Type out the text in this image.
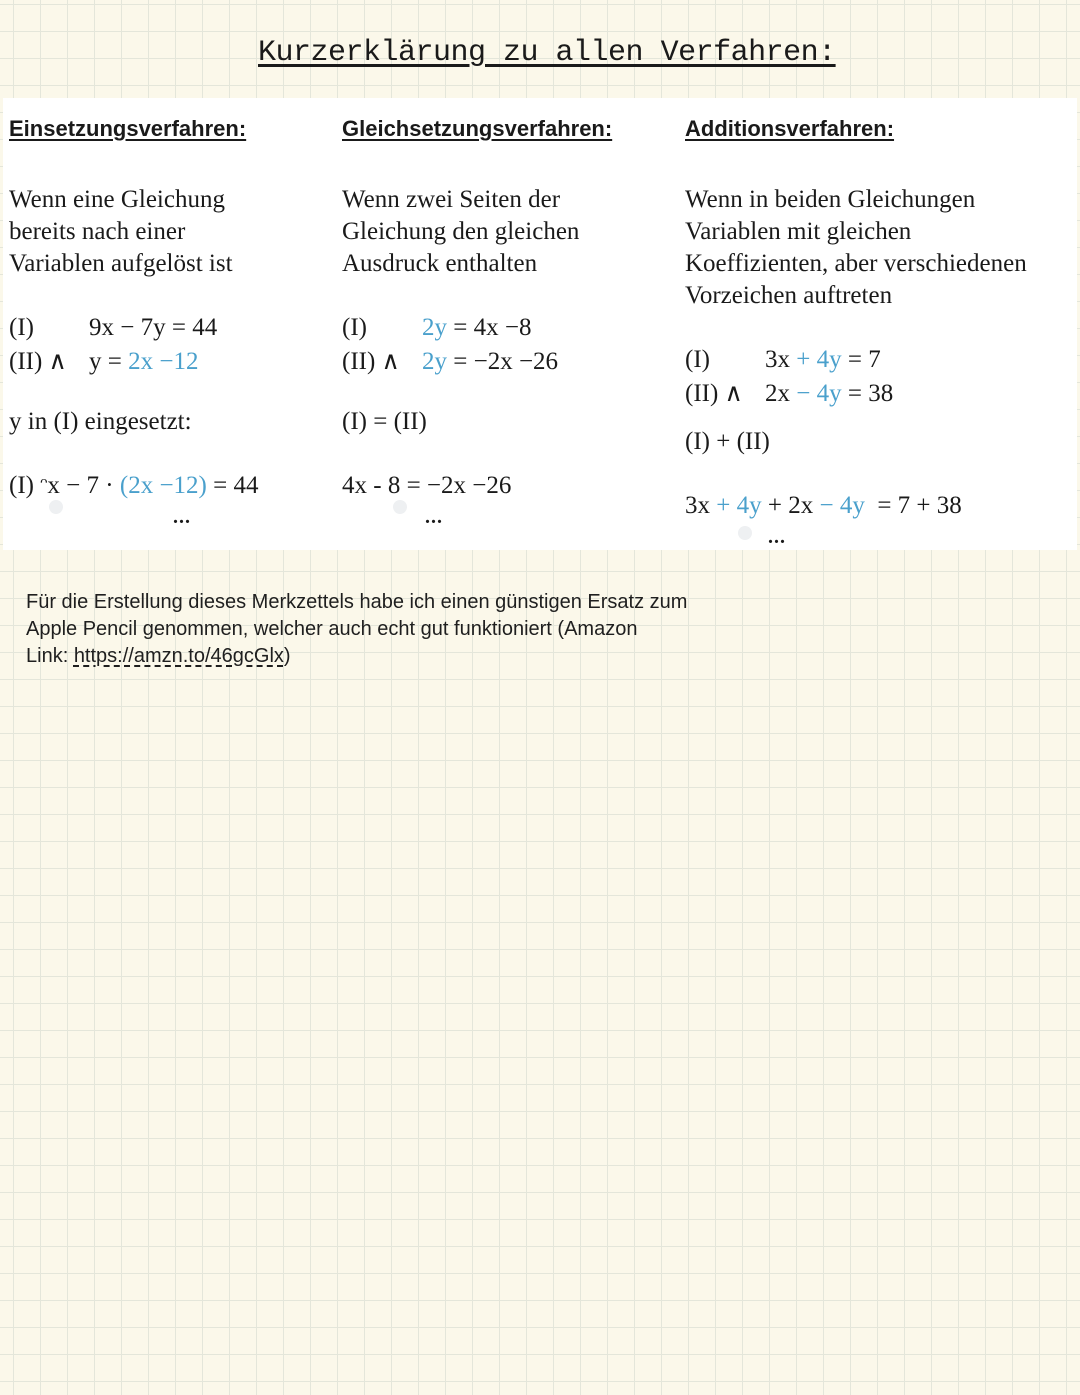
Kurzerklärung zu allen Verfahren:
Einsetzungsverfahren:
Wenn eine Gleichung
bereits nach einer
Variablen aufgelöst ist
(I) 9x − 7y = 44
(II) ∧ y = 2x −12
y in (I) eingesetzt:
(I) ᵔx − 7 · (2x −12) = 44
...
Gleichsetzungsverfahren:
Wenn zwei Seiten der
Gleichung den gleichen
Ausdruck enthalten
(I) 2y = 4x −8
(II) ∧ 2y = −2x −26
(I) = (II)
4x - 8 = −2x −26
...
Additionsverfahren:
Wenn in beiden Gleichungen
Variablen mit gleichen
Koeffizienten, aber verschiedenen
Vorzeichen auftreten
(I) 3x + 4y = 7
(II) ∧ 2x − 4y = 38
(I) + (II)
3x + 4y + 2x − 4y  = 7 + 38
...
Für die Erstellung dieses Merkzettels habe ich einen günstigen Ersatz zum
Apple Pencil genommen, welcher auch echt gut funktioniert (Amazon
Link: https://amzn.to/46gcGlx)
